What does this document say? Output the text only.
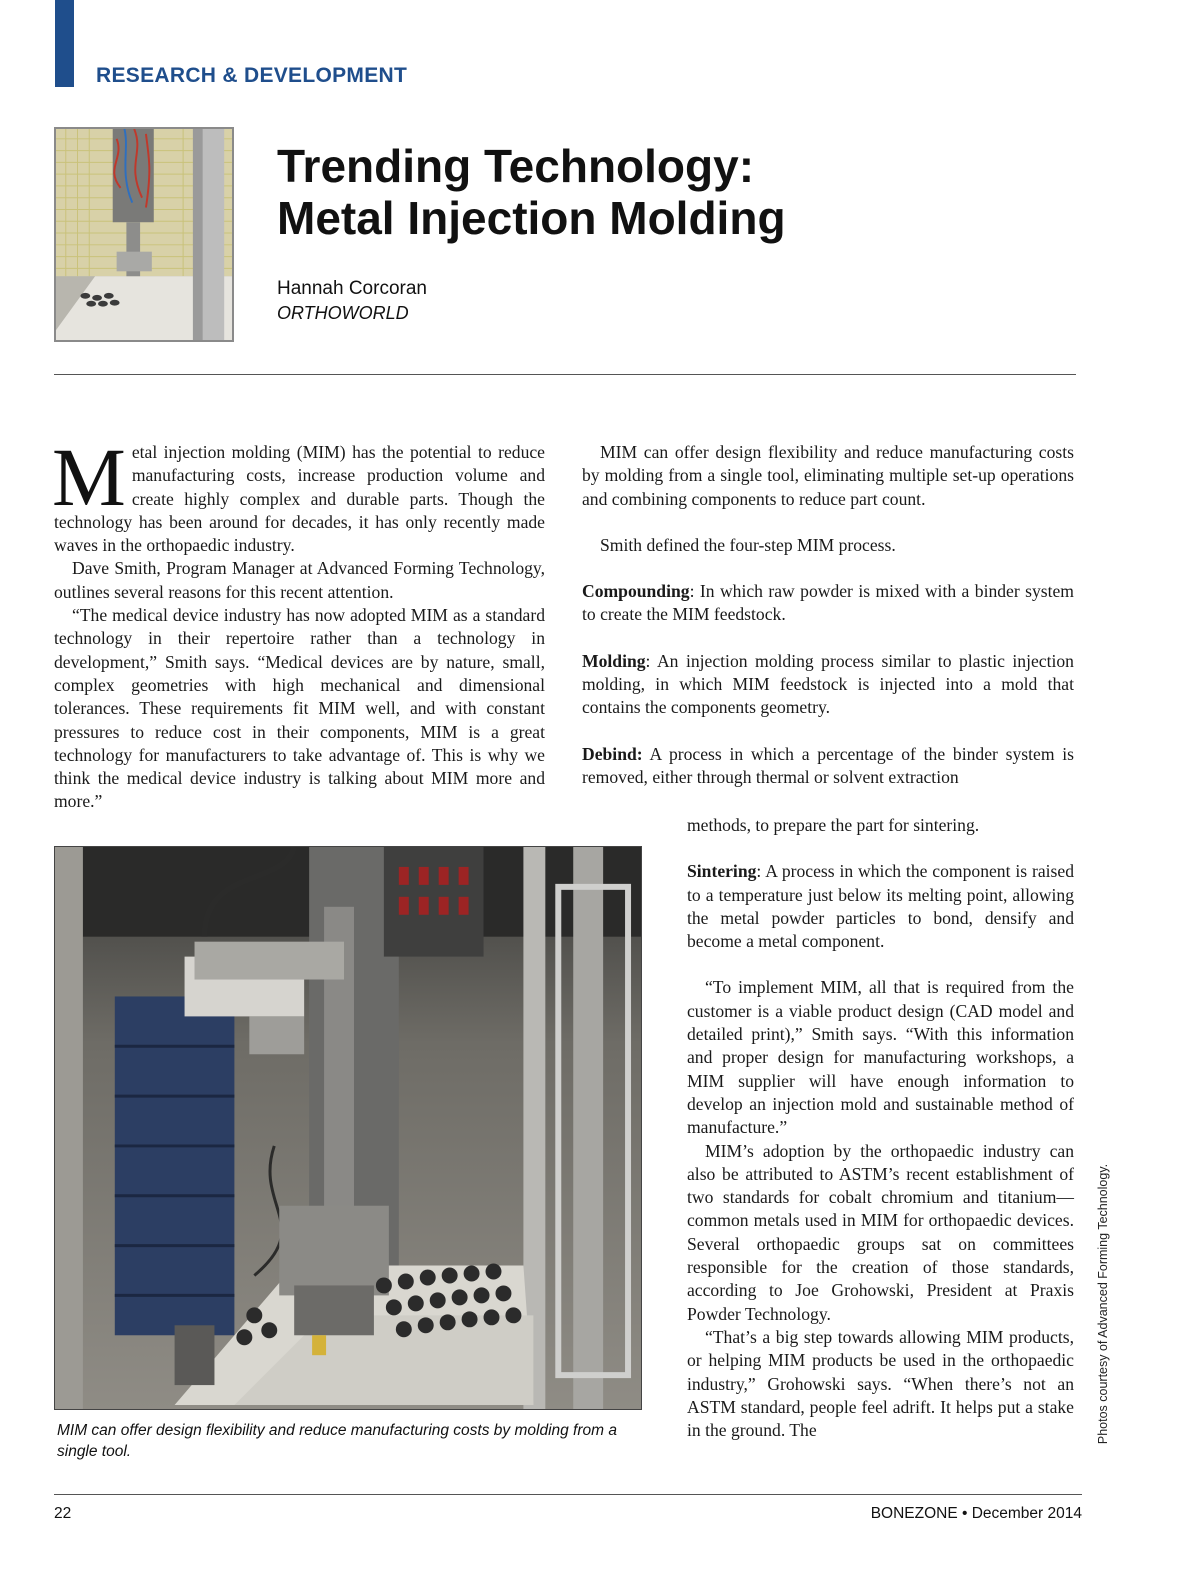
RESEARCH & DEVELOPMENT
Trending Technology:
Metal Injection Molding
Hannah Corcoran
ORTHOWORLD

Metal injection molding (MIM) has the potential to reduce manufacturing costs, increase production volume and create highly complex and durable parts. Though the technology has been around for decades, it has only recently made waves in the orthopaedic industry.

Dave Smith, Program Manager at Advanced Forming Technology, outlines several reasons for this recent attention.

“The medical device industry has now adopted MIM as a standard technology in their repertoire rather than a technology in development,” Smith says. “Medical devices are by nature, small, complex geometries with high mechanical and dimensional tolerances. These requirements fit MIM well, and with constant pressures to reduce cost in their components, MIM is a great technology for manufacturers to take advantage of. This is why we think the medical device industry is talking about MIM more and more.”

MIM can offer design flexibility and reduce manufacturing costs by molding from a single tool, eliminating multiple set-up operations and combining components to reduce part count.

Smith defined the four-step MIM process.

Compounding: In which raw powder is mixed with a binder system to create the MIM feedstock.

Molding: An injection molding process similar to plastic injection molding, in which MIM feedstock is injected into a mold that contains the components geometry.

Debind: A process in which a percentage of the binder system is removed, either through thermal or solvent extraction

methods, to prepare the part for sintering.

Sintering: A process in which the component is raised to a temperature just below its melting point, allowing the metal powder particles to bond, densify and become a metal component.

“To implement MIM, all that is required from the customer is a viable product design (CAD model and detailed print),” Smith says. “With this information and proper design for manufacturing workshops, a MIM supplier will have enough information to develop an injection mold and sustainable method of manufacture.”

MIM’s adoption by the orthopaedic industry can also be attributed to ASTM’s recent establishment of two standards for cobalt chromium and titanium—common metals used in MIM for orthopaedic devices. Several orthopaedic groups sat on committees responsible for the creation of those standards, according to Joe Grohowski, President at Praxis Powder Technology.

“That’s a big step towards allowing MIM products, or helping MIM products be used in the orthopaedic industry,” Grohowski says. “When there’s not an ASTM standard, people feel adrift. It helps put a stake in the ground. The

MIM can offer design flexibility and reduce manufacturing costs by molding from a single tool.

Photos courtesy of Advanced Forming Technology.
22	BONEZONE • December 2014
